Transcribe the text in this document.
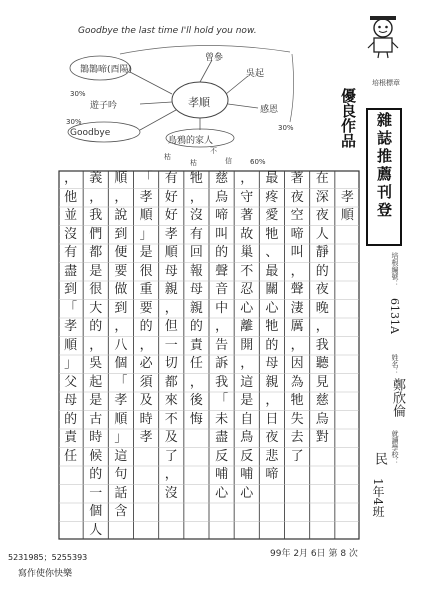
Goodbye the last time I'll hold you now.
鵲鵲啼(酉陽)
曾參
吳起
遊子吟	感恩
Goodbye
鳥鴉的家人
孝順
30%
30%
30%
60%
枯
枯
不
信
培根標章
優良作品	雜誌推薦刊登
培根編號：
6131A
姓名：
鄭欣倫
就讀學校：
民
1年4班
孝
順
在
深
夜
人
靜
的
夜
晚
，
我
聽
見
慈
烏
對
著
夜
空
啼
叫
，
聲
淒
厲
，
因
為
牠
失
去
了
最
疼
愛
牠
、
最
關
心
牠
的
母
親
，
日
夜
悲
啼
，
守
著
故
巢
不
忍
心
離
開
，
這
是
自
鳥
反
哺
心
慈
烏
啼
叫
的
聲
音
中
，
告
訴
我
「
未
盡
反
哺
心
牠
，
沒
有
回
報
母
親
的
責
任
，
後
悔
有
好
好
孝
順
母
親
，
但
一
切
都
來
不
及
了
，
沒
「
孝
順
」
是
很
重
要
的
，
必
須
及
時
孝
順
，
說
到
便
要
做
到
，
八
個
「
孝
順
」
這
句
話
含
義
，
我
們
都
是
很
大
的
，
吳
起
是
古
時
候
的
一
個
人
，
他
並
沒
有
盡
到
「
孝
順
」
父
母
的
責
任
99年 2月 6日 第 8 次
5231985；5255393
寫作使你快樂
